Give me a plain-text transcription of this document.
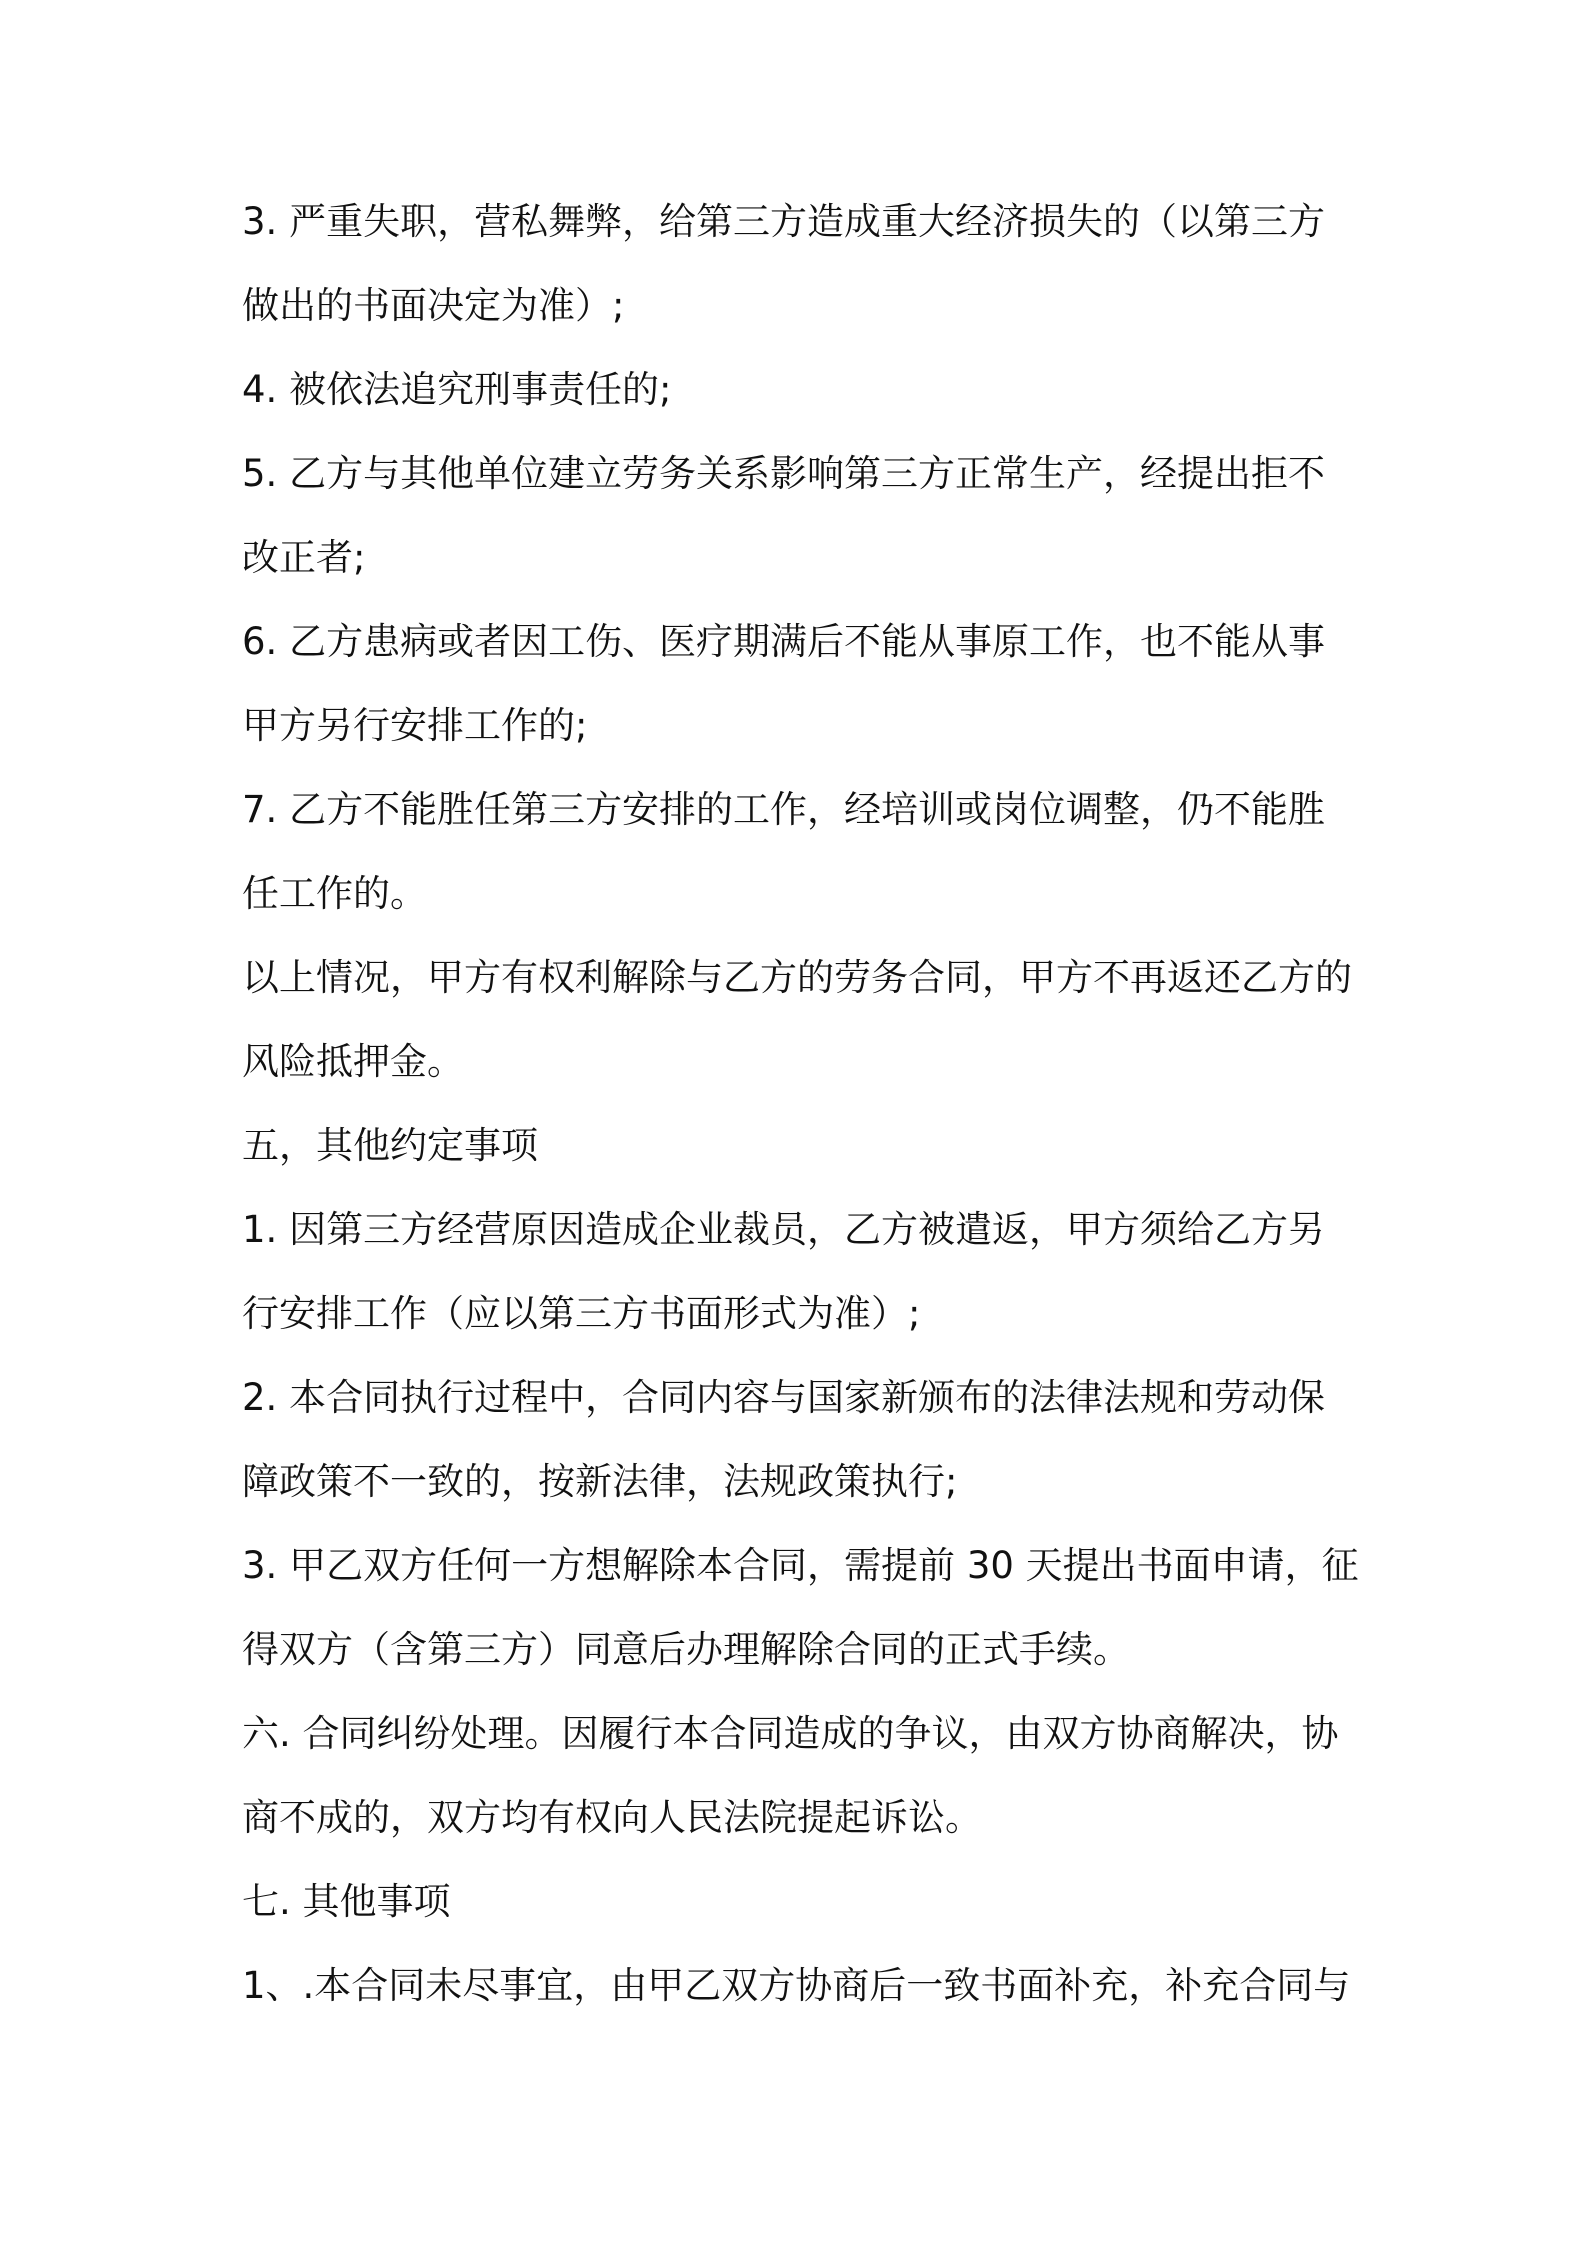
3. 严重失职，营私舞弊，给第三方造成重大经济损失的（以第三方
做出的书面决定为准）;
4. 被依法追究刑事责任的;
5. 乙方与其他单位建立劳务关系影响第三方正常生产，经提出拒不
改正者;
6. 乙方患病或者因工伤、医疗期满后不能从事原工作，也不能从事
甲方另行安排工作的;
7. 乙方不能胜任第三方安排的工作，经培训或岗位调整，仍不能胜
任工作的。
以上情况，甲方有权利解除与乙方的劳务合同，甲方不再返还乙方的
风险抵押金。
五，其他约定事项
1. 因第三方经营原因造成企业裁员，乙方被遣返，甲方须给乙方另
行安排工作（应以第三方书面形式为准）;
2. 本合同执行过程中，合同内容与国家新颁布的法律法规和劳动保
障政策不一致的，按新法律，法规政策执行;
3. 甲乙双方任何一方想解除本合同，需提前 30 天提出书面申请，征
得双方（含第三方）同意后办理解除合同的正式手续。
六. 合同纠纷处理。因履行本合同造成的争议，由双方协商解决，协
商不成的，双方均有权向人民法院提起诉讼。
七. 其他事项
1、.本合同未尽事宜，由甲乙双方协商后一致书面补充，补充合同与
